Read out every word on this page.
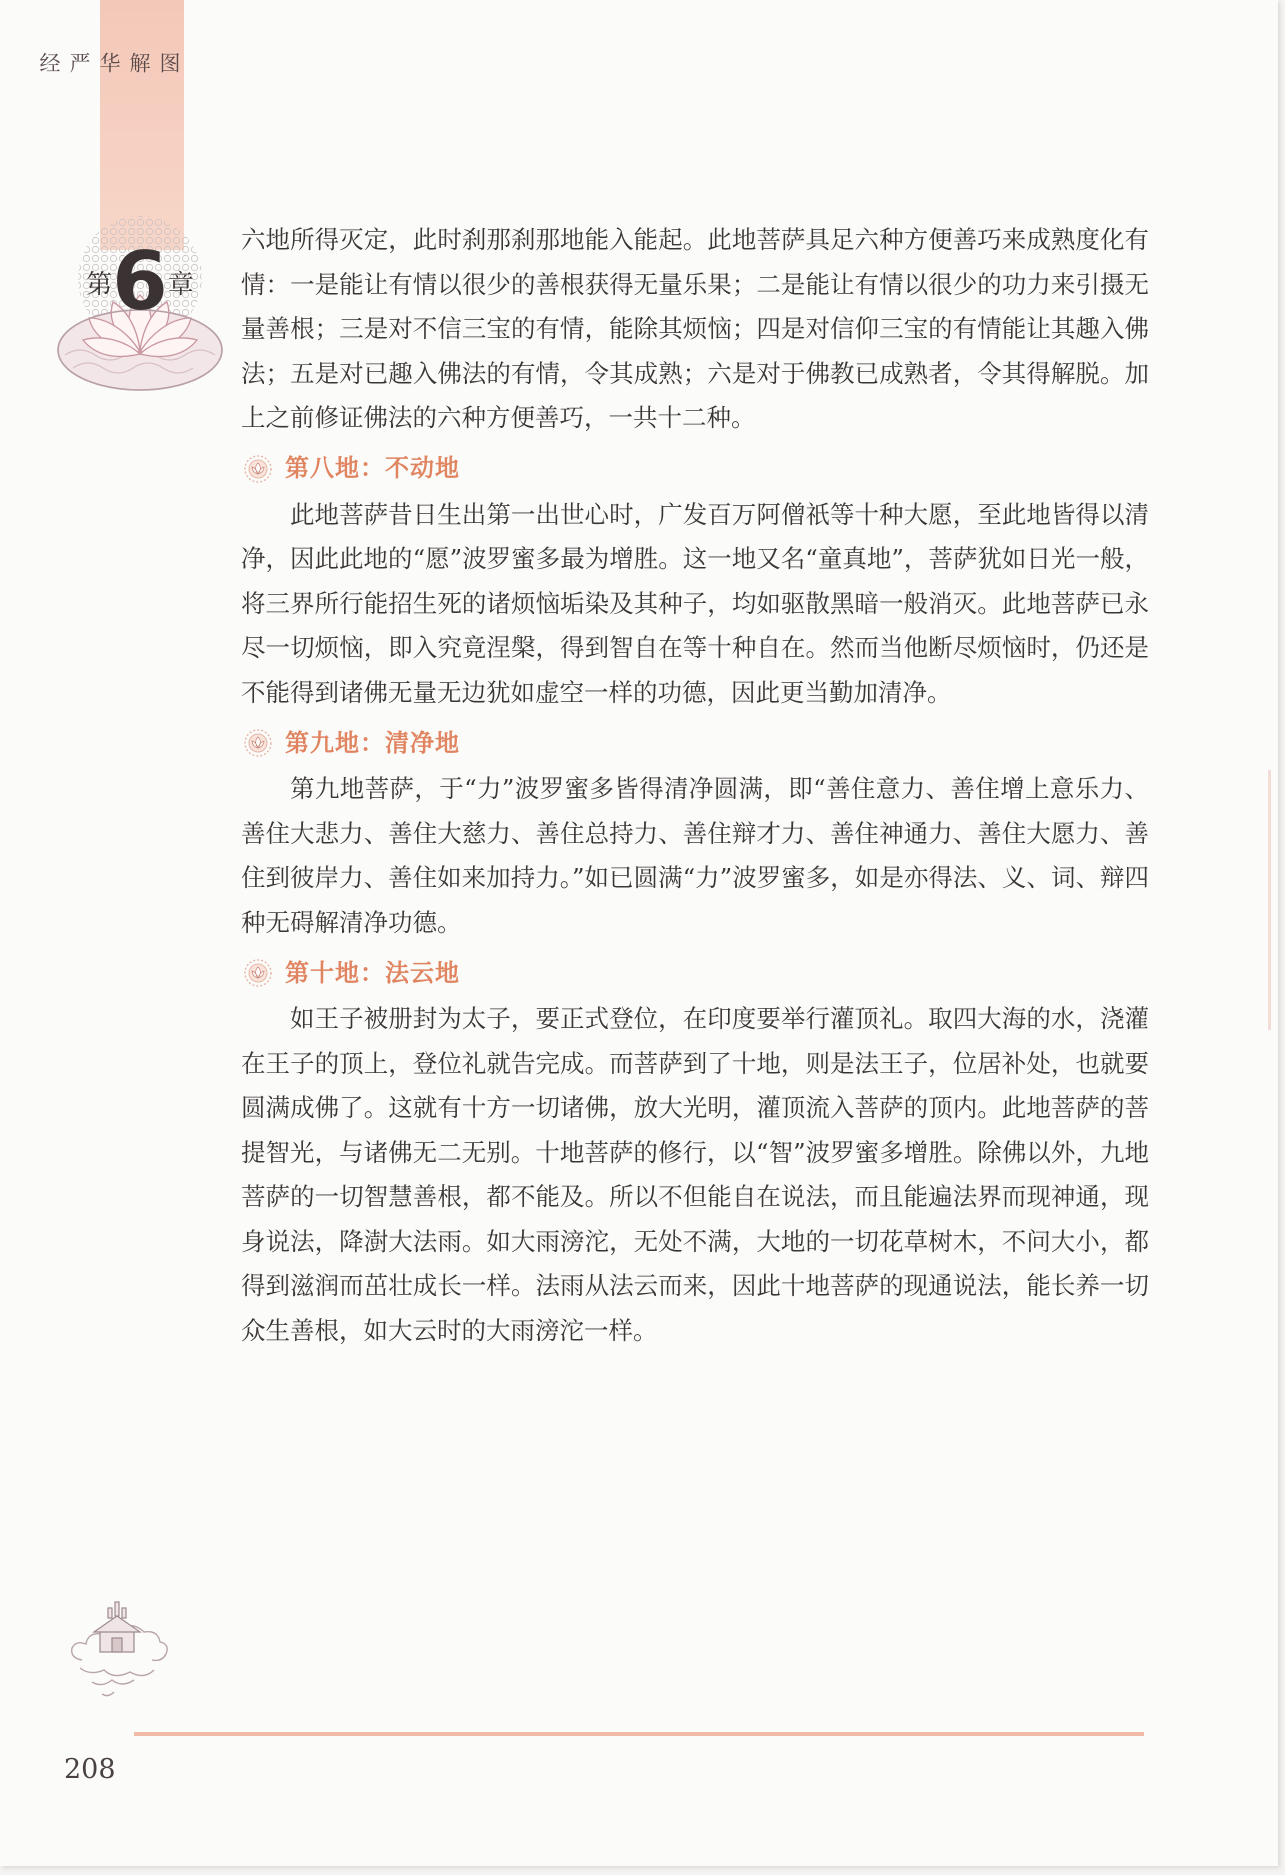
图
解
华
严
经
第 6 章

六地所得灭定，此时刹那刹那地能入能起。此地菩萨具足六种方便善巧来成熟度化有情：一是能让有情以很少的善根获得无量乐果；二是能让有情以很少的功力来引摄无量善根；三是对不信三宝的有情，能除其烦恼；四是对信仰三宝的有情能让其趣入佛法；五是对已趣入佛法的有情，令其成熟；六是对于佛教已成熟者，令其得解脱。加上之前修证佛法的六种方便善巧，一共十二种。

第八地：不动地

此地菩萨昔日生出第一出世心时，广发百万阿僧祇等十种大愿，至此地皆得以清净，因此此地的“愿”波罗蜜多最为增胜。这一地又名“童真地”，菩萨犹如日光一般，将三界所行能招生死的诸烦恼垢染及其种子，均如驱散黑暗一般消灭。此地菩萨已永尽一切烦恼，即入究竟涅槃，得到智自在等十种自在。然而当他断尽烦恼时，仍还是不能得到诸佛无量无边犹如虚空一样的功德，因此更当勤加清净。

第九地：清净地

第九地菩萨，于“力”波罗蜜多皆得清净圆满，即“善住意力、善住增上意乐力、善住大悲力、善住大慈力、善住总持力、善住辩才力、善住神通力、善住大愿力、善住到彼岸力、善住如来加持力。”如已圆满“力”波罗蜜多，如是亦得法、义、词、辩四种无碍解清净功德。

第十地：法云地

如王子被册封为太子，要正式登位，在印度要举行灌顶礼。取四大海的水，浇灌在王子的顶上，登位礼就告完成。而菩萨到了十地，则是法王子，位居补处，也就要圆满成佛了。这就有十方一切诸佛，放大光明，灌顶流入菩萨的顶内。此地菩萨的菩提智光，与诸佛无二无别。十地菩萨的修行，以“智”波罗蜜多增胜。除佛以外，九地菩萨的一切智慧善根，都不能及。所以不但能自在说法，而且能遍法界而现神通，现身说法，降澍大法雨。如大雨滂沱，无处不满，大地的一切花草树木，不问大小，都得到滋润而茁壮成长一样。法雨从法云而来，因此十地菩萨的现通说法，能长养一切众生善根，如大云时的大雨滂沱一样。

208
